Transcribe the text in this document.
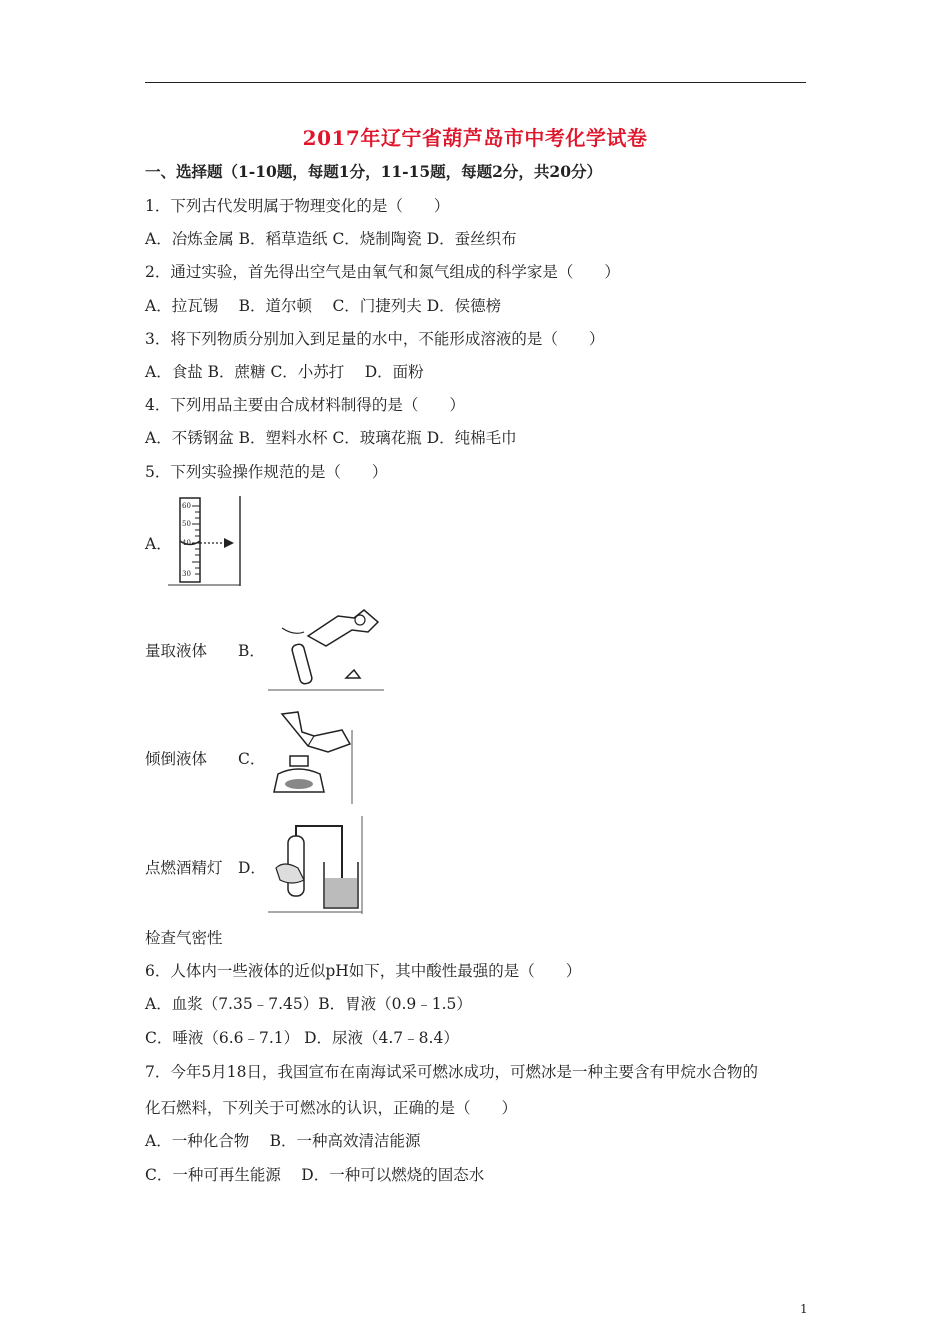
2017年辽宁省葫芦岛市中考化学试卷
一、选择题（1-10题，每题1分，11-15题，每题2分，共20分）
1．下列古代发明属于物理变化的是（　　）
A．冶炼金属 B．稻草造纸 C．烧制陶瓷 D．蚕丝织布
2．通过实验，首先得出空气是由氧气和氮气组成的科学家是（　　）
A．拉瓦锡　 B．道尔顿　 C．门捷列夫 D．侯德榜
3．将下列物质分别加入到足量的水中，不能形成溶液的是（　　）
A．食盐 B．蔗糖 C．小苏打　 D．面粉
4．下列用品主要由合成材料制得的是（　　）
A．不锈钢盆 B．塑料水杯 C．玻璃花瓶 D．纯棉毛巾
5．下列实验操作规范的是（　　）
A．
60
50
40
30
量取液体　　B．
倾倒液体　　C．
点燃酒精灯　D．
检查气密性
6．人体内一些液体的近似pH如下，其中酸性最强的是（　　）
A．血浆（7.35﹣7.45）B．胃液（0.9﹣1.5）
C．唾液（6.6﹣7.1） D．尿液（4.7﹣8.4）
7．今年5月18日，我国宣布在南海试采可燃冰成功，可燃冰是一种主要含有甲烷水合物的
化石燃料，下列关于可燃冰的认识，正确的是（　　）
A．一种化合物　 B．一种高效清洁能源
C．一种可再生能源　 D．一种可以燃烧的固态水
1
